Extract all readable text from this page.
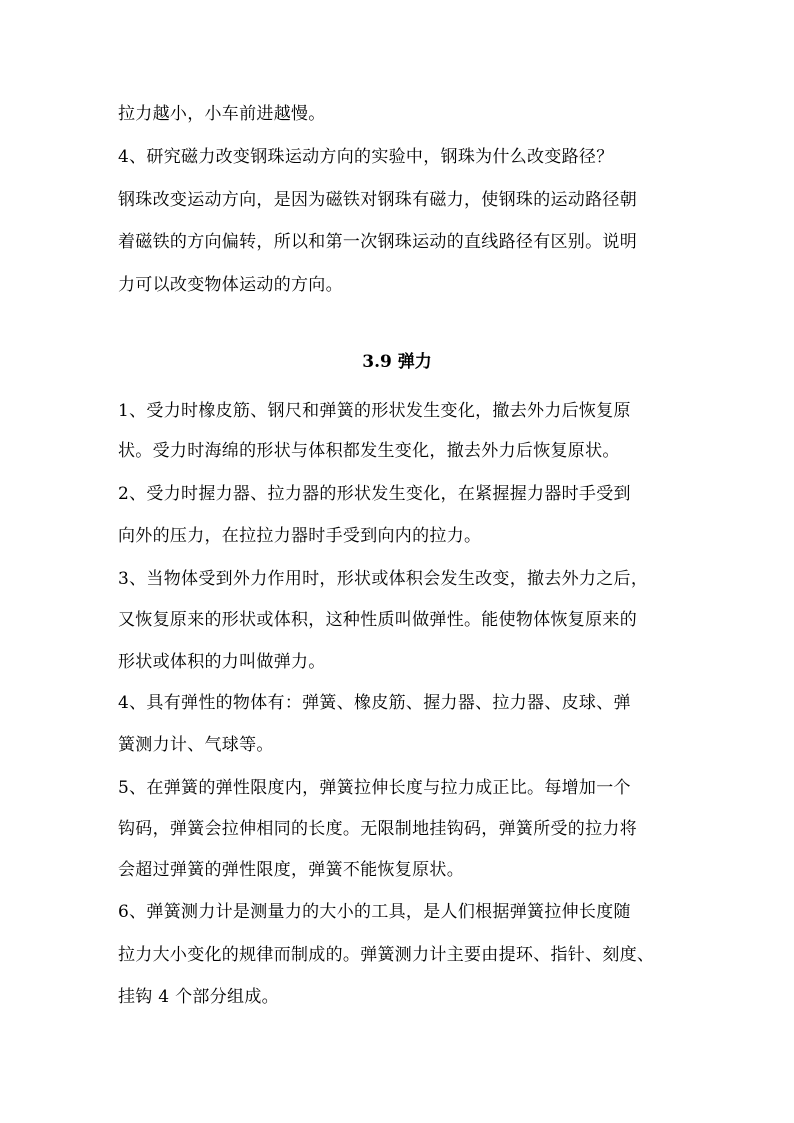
拉力越小，小车前进越慢。
4、研究磁力改变钢珠运动方向的实验中，钢珠为什么改变路径？
钢珠改变运动方向，是因为磁铁对钢珠有磁力，使钢珠的运动路径朝
着磁铁的方向偏转，所以和第一次钢珠运动的直线路径有区别。说明
力可以改变物体运动的方向。
3.9 弹力
1、受力时橡皮筋、钢尺和弹簧的形状发生变化，撤去外力后恢复原
状。受力时海绵的形状与体积都发生变化，撤去外力后恢复原状。
2、受力时握力器、拉力器的形状发生变化，在紧握握力器时手受到
向外的压力，在拉拉力器时手受到向内的拉力。
3、当物体受到外力作用时，形状或体积会发生改变，撤去外力之后，
又恢复原来的形状或体积，这种性质叫做弹性。能使物体恢复原来的
形状或体积的力叫做弹力。
4、具有弹性的物体有：弹簧、橡皮筋、握力器、拉力器、皮球、弹
簧测力计、气球等。
5、在弹簧的弹性限度内，弹簧拉伸长度与拉力成正比。每增加一个
钩码，弹簧会拉伸相同的长度。无限制地挂钩码，弹簧所受的拉力将
会超过弹簧的弹性限度，弹簧不能恢复原状。
6、弹簧测力计是测量力的大小的工具，是人们根据弹簧拉伸长度随
拉力大小变化的规律而制成的。弹簧测力计主要由提环、指针、刻度、
挂钩 4 个部分组成。
